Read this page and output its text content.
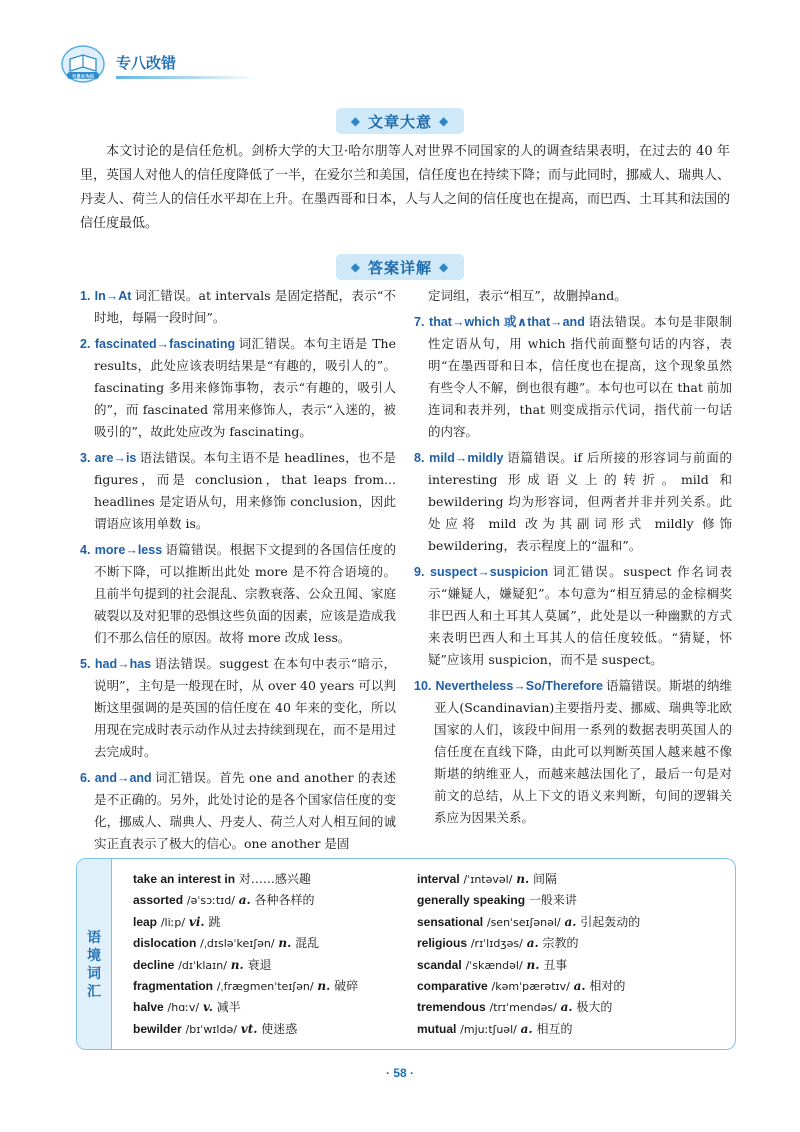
与星长为伍
专八改错
◆ 文章大意 ◆

本文讨论的是信任危机。剑桥大学的大卫·哈尔朋等人对世界不同国家的人的调查结果表明，在过去的 40 年里，英国人对他人的信任度降低了一半，在爱尔兰和美国，信任度也在持续下降；而与此同时，挪威人、瑞典人、丹麦人、荷兰人的信任水平却在上升。在墨西哥和日本，人与人之间的信任度也在提高，而巴西、土耳其和法国的信任度最低。

◆ 答案详解 ◆

1. In→At 词汇错误。at intervals 是固定搭配，表示“不时地，每隔一段时间”。

2. fascinated→fascinating 词汇错误。本句主语是 The results，此处应该表明结果是“有趣的，吸引人的”。fascinating 多用来修饰事物，表示“有趣的，吸引人的”，而 fascinated 常用来修饰人，表示“入迷的，被吸引的”，故此处应改为 fascinating。

3. are→is 语法错误。本句主语不是 headlines，也不是 figures，而是 conclusion，that leaps from... headlines 是定语从句，用来修饰 conclusion，因此谓语应该用单数 is。

4. more→less 语篇错误。根据下文提到的各国信任度的不断下降，可以推断出此处 more 是不符合语境的。且前半句提到的社会混乱、宗教衰落、公众丑闻、家庭破裂以及对犯罪的恐惧这些负面的因素，应该是造成我们不那么信任的原因。故将 more 改成 less。

5. had→has 语法错误。suggest 在本句中表示“暗示，说明”，主句是一般现在时，从 over 40 years 可以判断这里强调的是英国的信任度在 40 年来的变化，所以用现在完成时表示动作从过去持续到现在，而不是用过去完成时。

6. and→and 词汇错误。首先 one and another 的表述是不正确的。另外，此处讨论的是各个国家信任度的变化，挪威人、瑞典人、丹麦人、荷兰人对人相互间的诚实正直表示了极大的信心。one another 是固

定词组，表示“相互”，故删掉and。

7. that→which 或∧that→and 语法错误。本句是非限制性定语从句，用 which 指代前面整句话的内容，表明“在墨西哥和日本，信任度也在提高，这个现象虽然有些令人不解，倒也很有趣”。本句也可以在 that 前加连词和表并列，that 则变成指示代词，指代前一句话的内容。

8. mild→mildly 语篇错误。if 后所接的形容词与前面的 interesting 形成语义上的转折。mild 和 bewildering 均为形容词，但两者并非并列关系。此处应将 mild 改为其副词形式 mildly 修饰 bewildering，表示程度上的“温和”。

9. suspect→suspicion 词汇错误。suspect 作名词表示“嫌疑人，嫌疑犯”。本句意为“相互猜忌的金棕榈奖非巴西人和土耳其人莫属”，此处是以一种幽默的方式来表明巴西人和土耳其人的信任度较低。“猜疑，怀疑”应该用 suspicion，而不是 suspect。

10. Nevertheless→So/Therefore 语篇错误。斯堪的纳维亚人(Scandinavian)主要指丹麦、挪威、瑞典等北欧国家的人们，该段中间用一系列的数据表明英国人的信任度在直线下降，由此可以判断英国人越来越不像斯堪的纳维亚人，而越来越法国化了，最后一句是对前文的总结，从上下文的语义来判断，句间的逻辑关系应为因果关系。

语境词汇
take an interest in 对……感兴趣
assorted /əˈsɔːtɪd/ a. 各种各样的
leap /liːp/ vi. 跳
dislocation /ˌdɪsləˈkeɪʃən/ n. 混乱
decline /dɪˈklaɪn/ n. 衰退
fragmentation /ˌfrægmenˈteɪʃən/ n. 破碎
halve /hɑːv/ v. 减半
bewilder /bɪˈwɪldə/ vt. 使迷惑
interval /ˈɪntəvəl/ n. 间隔
generally speaking 一般来讲
sensational /senˈseɪʃənəl/ a. 引起轰动的
religious /rɪˈlɪdʒəs/ a. 宗教的
scandal /ˈskændəl/ n. 丑事
comparative /kəmˈpærətɪv/ a. 相对的
tremendous /trɪˈmendəs/ a. 极大的
mutual /mjuːtʃuəl/ a. 相互的
· 58 ·
